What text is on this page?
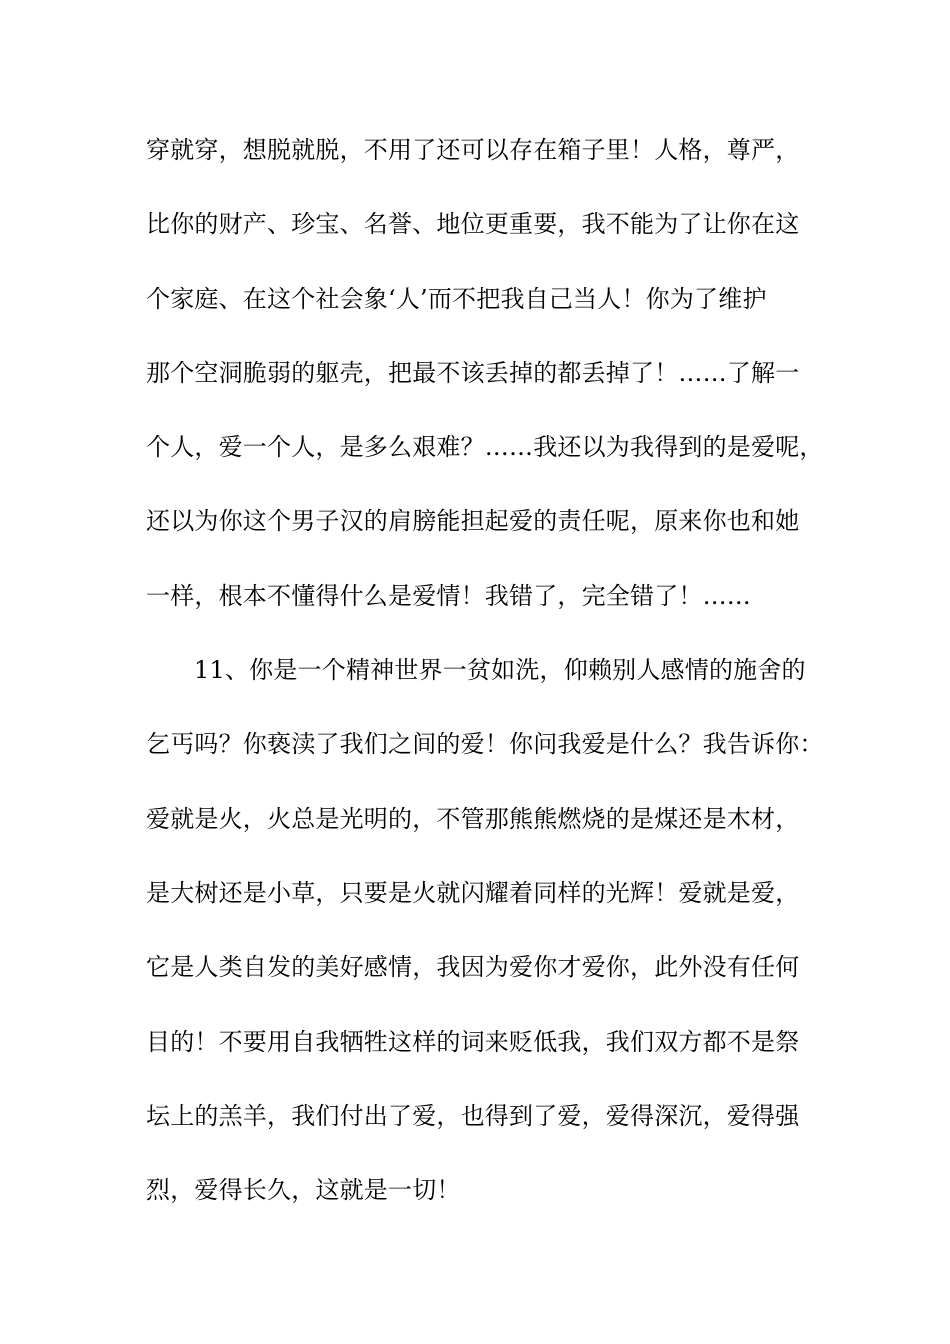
穿就穿，想脱就脱，不用了还可以存在箱子里！人格，尊严，
比你的财产、珍宝、名誉、地位更重要，我不能为了让你在这
个家庭、在这个社会象‘人’而不把我自己当人！你为了维护
那个空洞脆弱的躯壳，把最不该丢掉的都丢掉了！……了解一
个人，爱一个人，是多么艰难？……我还以为我得到的是爱呢，
还以为你这个男子汉的肩膀能担起爱的责任呢，原来你也和她
一样，根本不懂得什么是爱情！我错了，完全错了！……
11、你是一个精神世界一贫如洗，仰赖别人感情的施舍的
乞丐吗？你亵渎了我们之间的爱！你问我爱是什么？我告诉你：
爱就是火，火总是光明的，不管那熊熊燃烧的是煤还是木材，
是大树还是小草，只要是火就闪耀着同样的光辉！爱就是爱，
它是人类自发的美好感情，我因为爱你才爱你，此外没有任何
目的！不要用自我牺牲这样的词来贬低我，我们双方都不是祭
坛上的羔羊，我们付出了爱，也得到了爱，爱得深沉，爱得强
烈，爱得长久，这就是一切！
